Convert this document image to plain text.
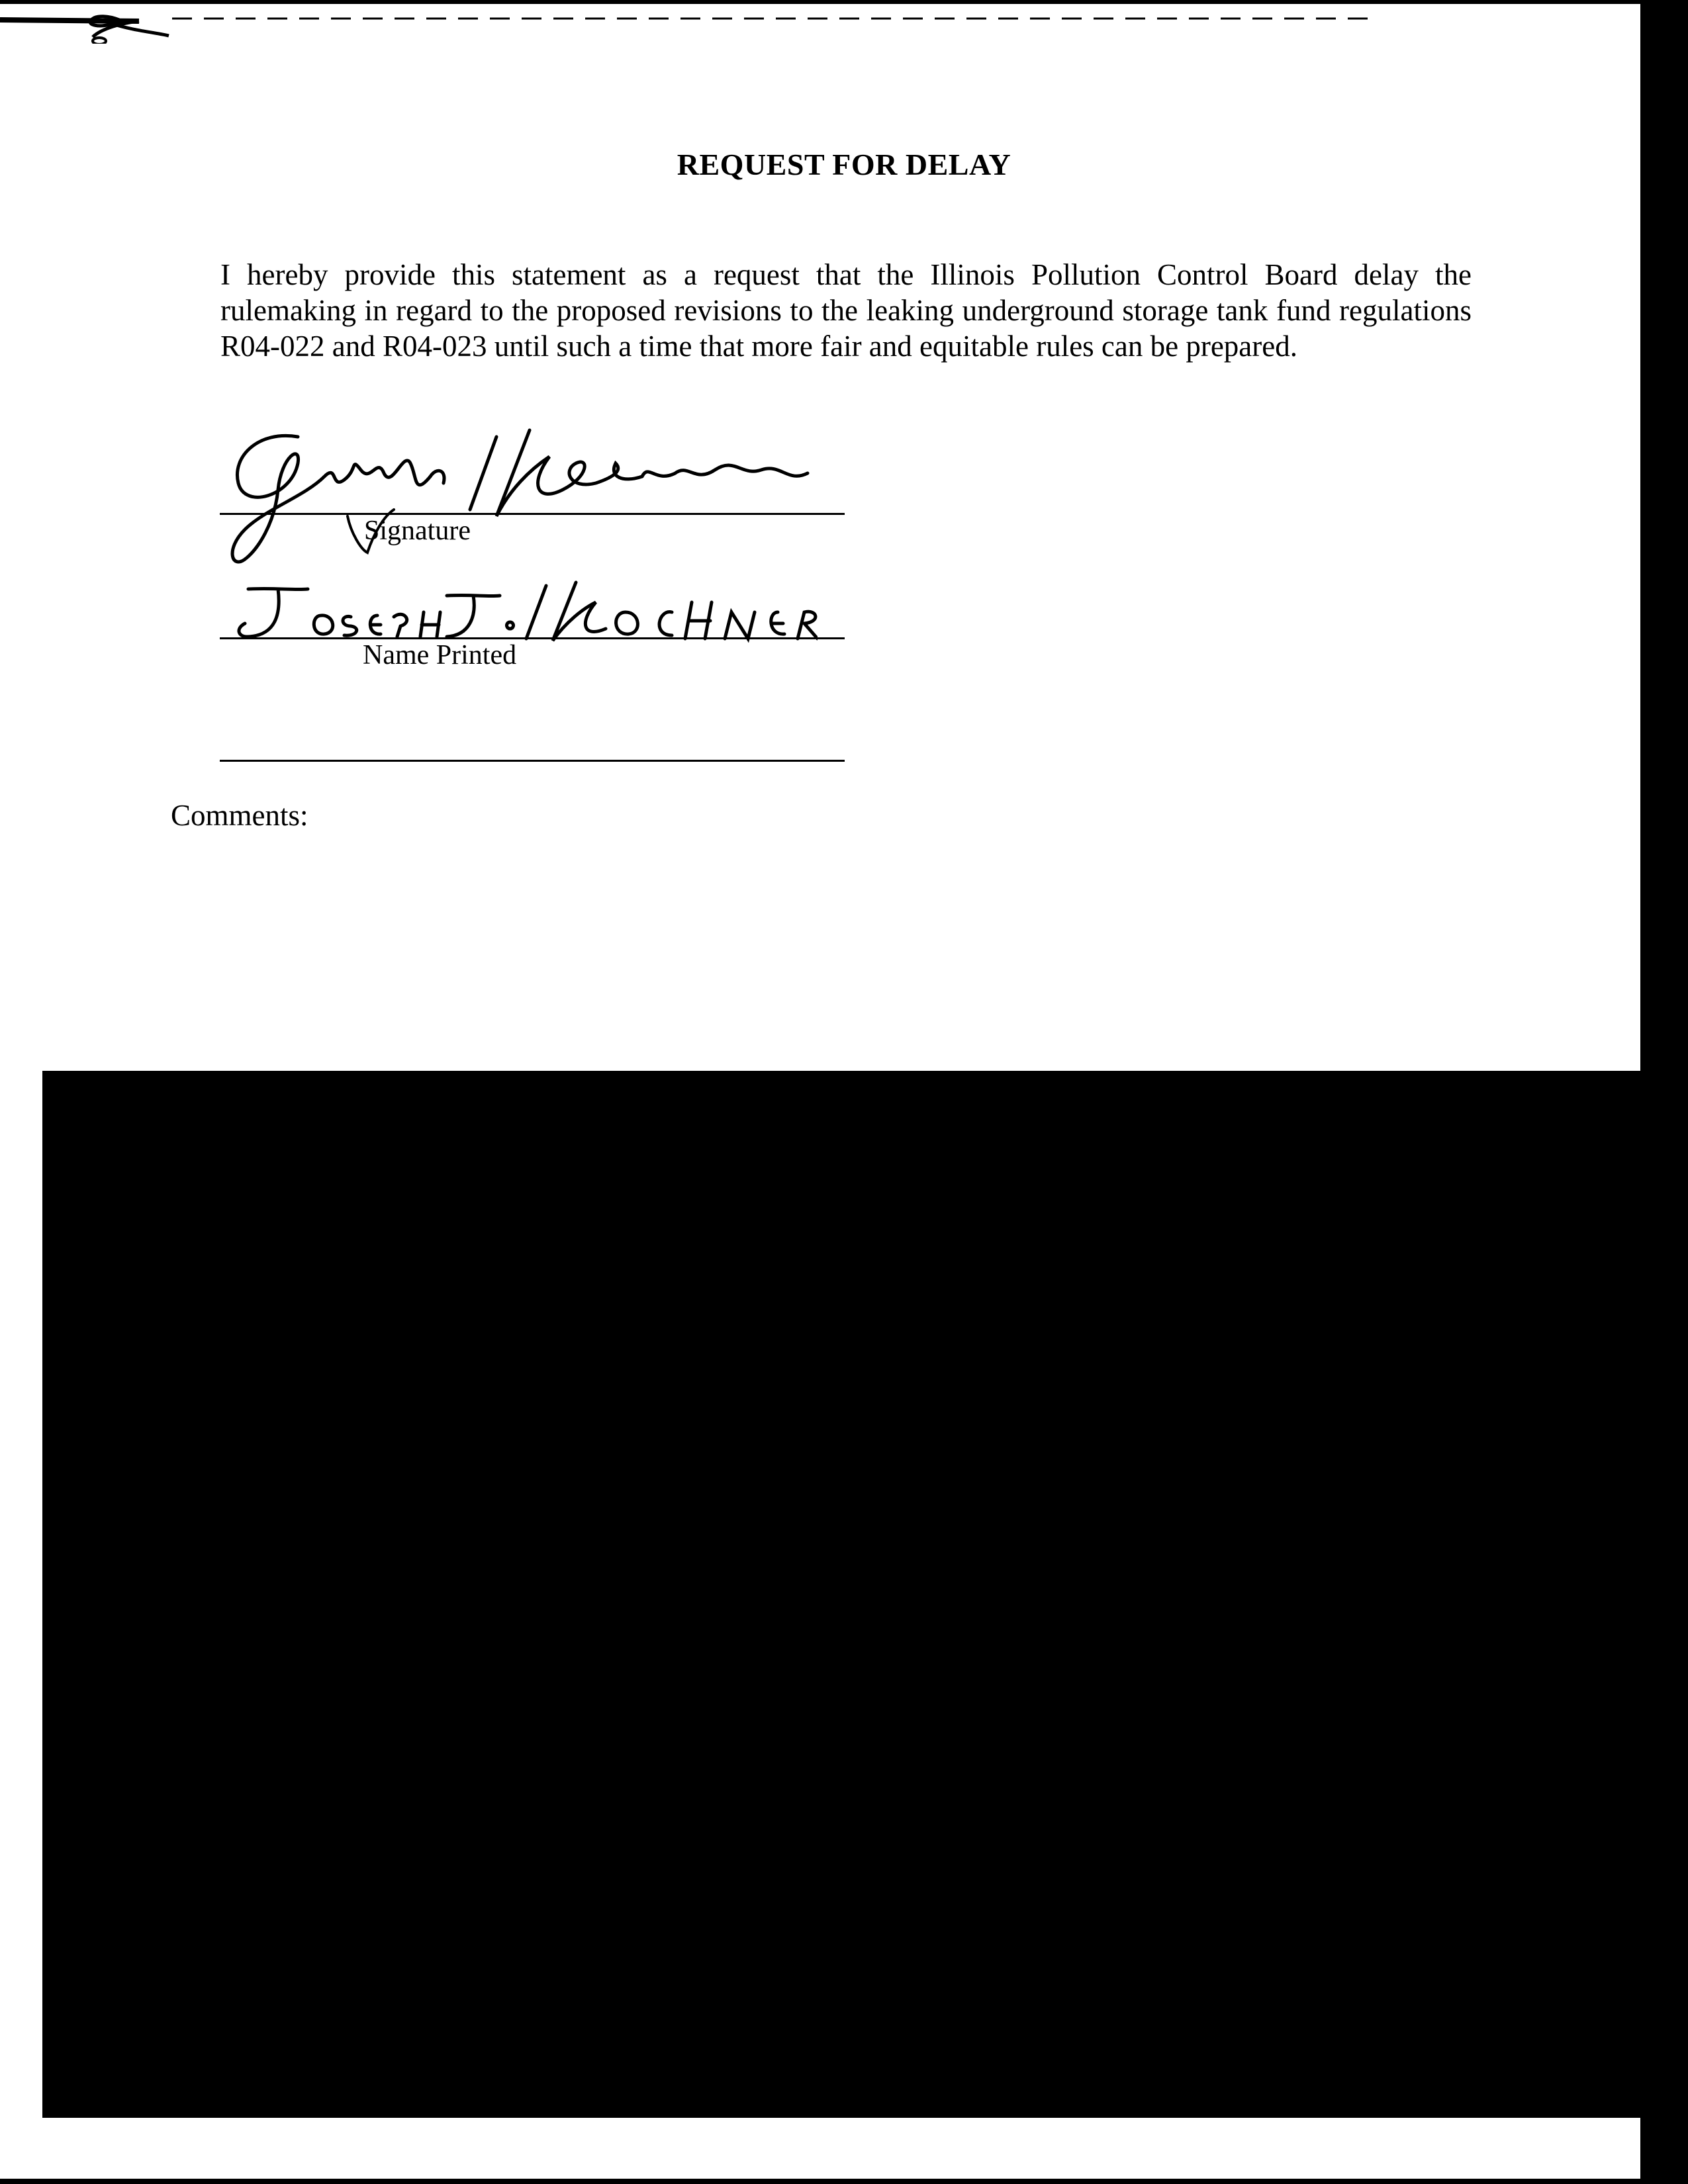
REQUEST FOR DELAY
I hereby provide this statement as a request that the Illinois Pollution Control Board delay the rulemaking in regard to the proposed revisions to the leaking underground storage tank fund regulations R04-022 and R04-023 until such a time that more fair and equitable rules can be prepared.
Signature
Name Printed
Comments:
